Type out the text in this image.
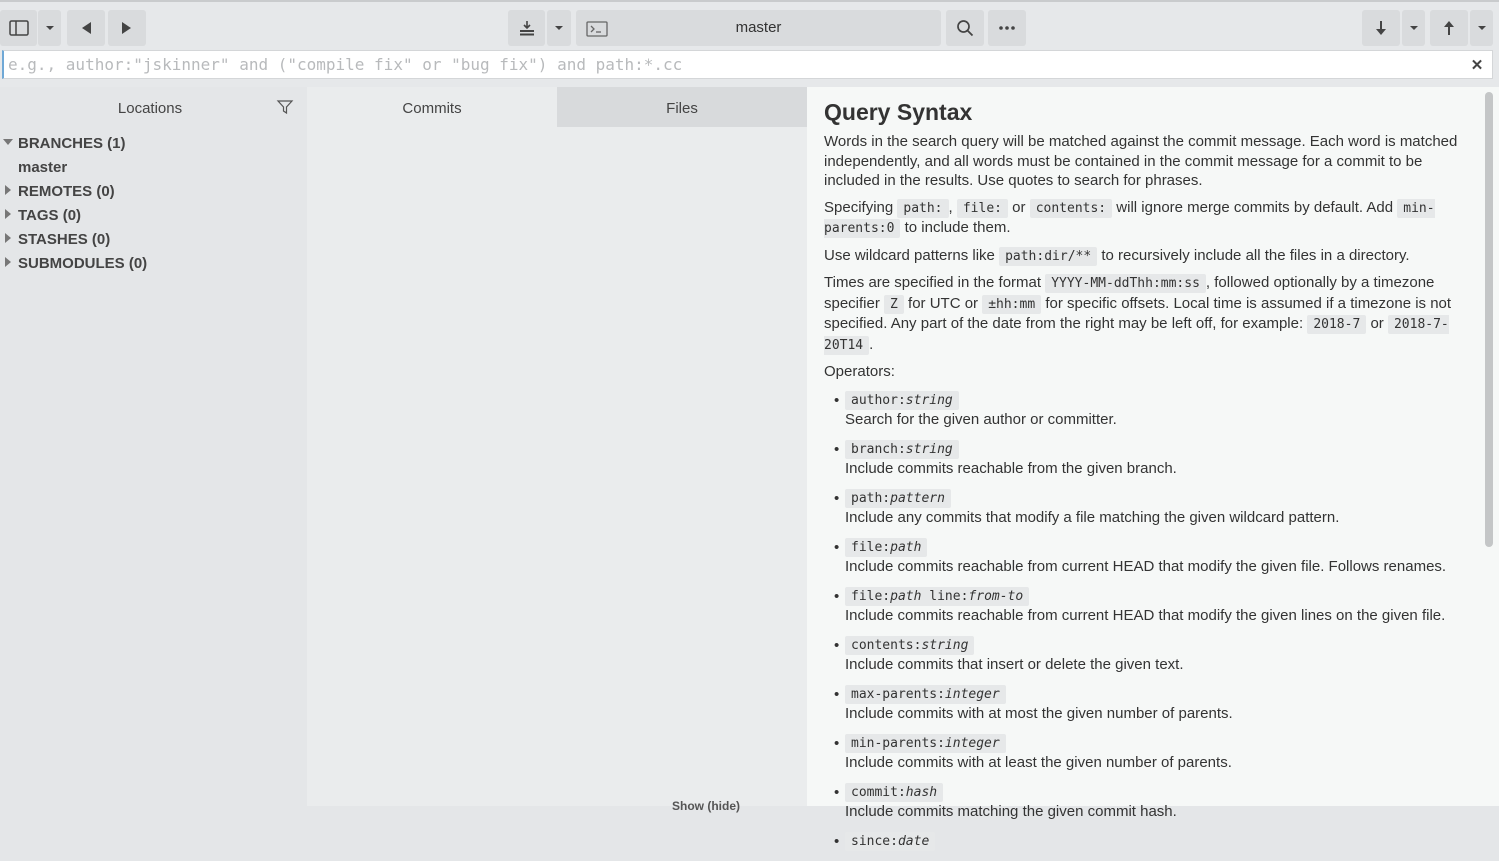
master
e.g., author:"jskinner" and ("compile fix" or "bug fix") and path:*.cc
✕
Locations
BRANCHES (1)
master
REMOTES (0)
TAGS (0)
STASHES (0)
SUBMODULES (0)
Commits	Files
Show (hide)
Query Syntax

Words in the search query will be matched against the commit message. Each word is matched independently, and all words must be contained in the commit message for a commit to be included in the results. Use quotes to search for phrases.

Specifying path: , file: or contents: will ignore merge commits by default. Add min-parents:0 to include them.

Use wildcard patterns like path:dir/** to recursively include all the files in a directory.

Times are specified in the format YYYY-MM-ddThh:mm:ss , followed optionally by a timezone specifier Z for UTC or ±hh:mm for specific offsets. Local time is assumed if a timezone is not specified. Any part of the date from the right may be left off, for example: 2018-7 or 2018-7-20T14 .

Operators:

• author:string
Search for the given author or committer.
• branch:string
Include commits reachable from the given branch.
• path:pattern
Include any commits that modify a file matching the given wildcard pattern.
• file:path
Include commits reachable from current HEAD that modify the given file. Follows renames.
• file:path line:from-to
Include commits reachable from current HEAD that modify the given lines on the given file.
• contents:string
Include commits that insert or delete the given text.
• max-parents:integer
Include commits with at most the given number of parents.
• min-parents:integer
Include commits with at least the given number of parents.
• commit:hash
Include commits matching the given commit hash.
• since:date
